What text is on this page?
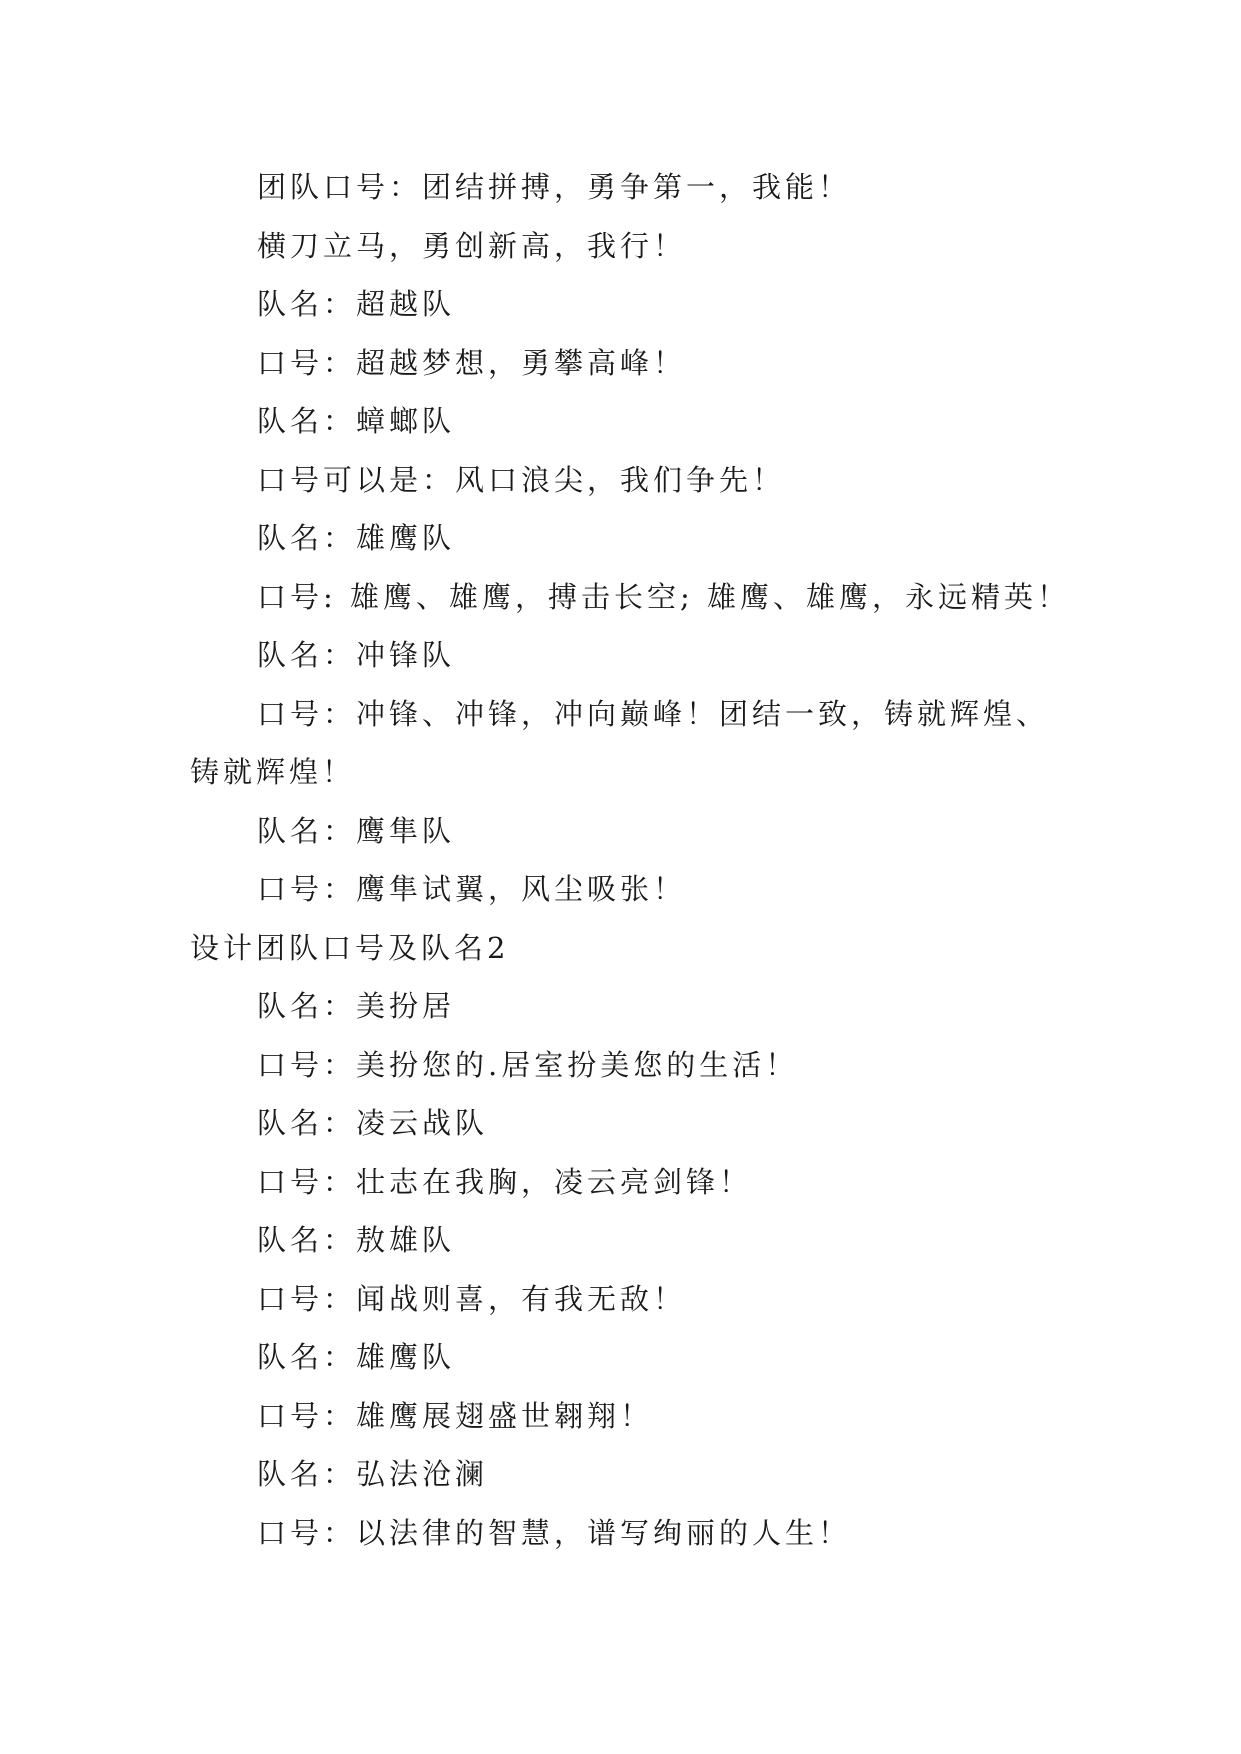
团队口号：团结拼搏，勇争第一，我能！
横刀立马，勇创新高，我行！
队名：超越队
口号：超越梦想，勇攀高峰！
队名：蟑螂队
口号可以是：风口浪尖，我们争先！
队名：雄鹰队
口号: 雄鹰、雄鹰，搏击长空; 雄鹰、雄鹰，永远精英！
队名：冲锋队
口号：冲锋、冲锋，冲向巅峰！团结一致，铸就辉煌、
铸就辉煌！
队名：鹰隼队
口号：鹰隼试翼，风尘吸张！
设计团队口号及队名2
队名：美扮居
口号：美扮您的.居室扮美您的生活！
队名：凌云战队
口号：壮志在我胸，凌云亮剑锋！
队名：敖雄队
口号：闻战则喜，有我无敌！
队名：雄鹰队
口号：雄鹰展翅盛世翱翔！
队名：弘法沧澜
口号：以法律的智慧，谱写绚丽的人生！
